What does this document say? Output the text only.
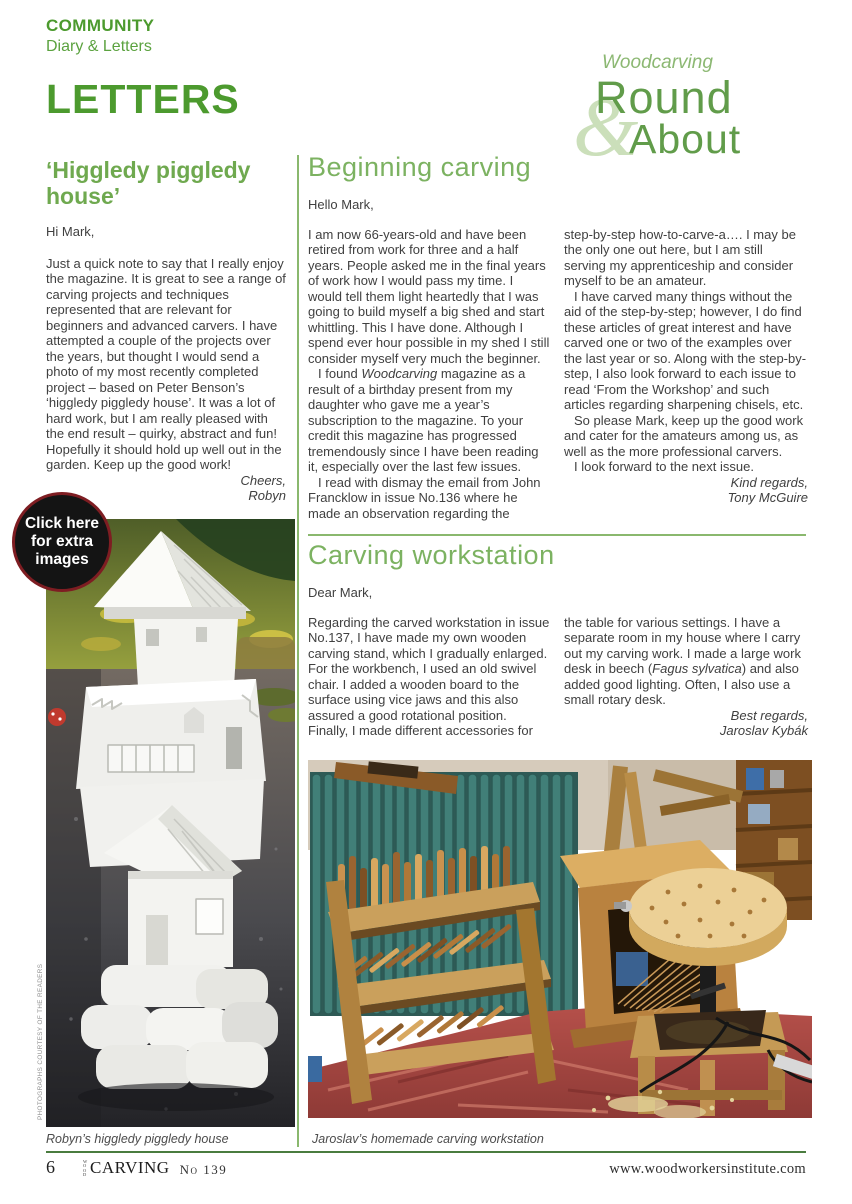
COMMUNITY
Diary & Letters
LETTERS
Woodcarving
&
Round
About
‘Higgledy piggledy house’
Hi Mark,

Just a quick note to say that I really enjoy the magazine. It is great to see a range of carving projects and techniques represented that are relevant for beginners and advanced carvers. I have attempted a couple of the projects over the years, but thought I would send a photo of my most recently completed project – based on Peter Benson’s ‘higgledy piggledy house’. It was a lot of hard work, but I am really pleased with the end result – quirky, abstract and fun! Hopefully it should hold up well out in the garden. Keep up the good work!

Cheers,
Robyn
Click here
for extra
images
Beginning carving
Hello Mark,

I am now 66-years-old and have been retired from work for three and a half years. People asked me in the final years of work how I would pass my time. I would tell them light heartedly that I was going to build myself a big shed and start whittling. This I have done. Although I spend ever hour possible in my shed I still consider myself very much the beginner.

I found Woodcarving magazine as a result of a birthday present from my daughter who gave me a year’s subscription to the magazine. To your credit this magazine has progressed tremendously since I have been reading it, especially over the last few issues.

I read with dismay the email from John Francklow in issue No.136 where he made an observation regarding the

step-by-step how-to-carve-a…. I may be the only one out here, but I am still serving my apprenticeship and consider myself to be an amateur.

I have carved many things without the aid of the step-by-step; however, I do find these articles of great interest and have carved one or two of the examples over the last year or so. Along with the step-by-step, I also look forward to each issue to read ‘From the Workshop’ and such articles regarding sharpening chisels, etc.

So please Mark, keep up the good work and cater for the amateurs among us, as well as the more professional carvers.

I look forward to the next issue.

Kind regards,
Tony McGuire
Carving workstation
Dear Mark,

Regarding the carved workstation in issue No.137, I have made my own wooden carving stand, which I gradually enlarged. For the workbench, I used an old swivel chair. I added a wooden board to the surface using vice jaws and this also assured a good rotational position. Finally, I made different accessories for

the table for various settings. I have a separate room in my house where I carry out my carving work. I made a large work desk in beech (Fagus sylvatica) and also added good lighting. Often, I also use a small rotary desk.

Best regards,
Jaroslav Kybák
Robyn’s higgledy piggledy house	Jaroslav’s homemade carving workstation
PHOTOGRAPHS COURTESY OF THE READERS
6	WOOD CARVING No 139	www.woodworkersinstitute.com
